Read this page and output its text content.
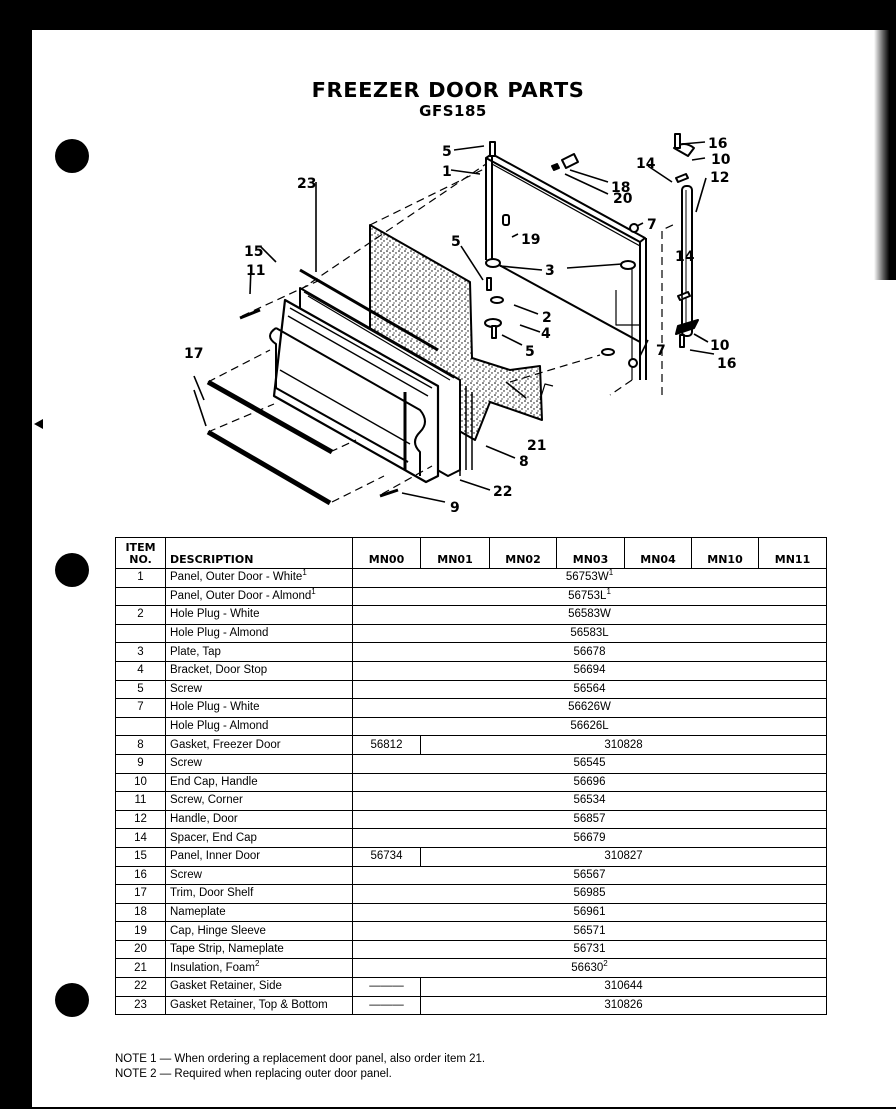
FREEZER DOOR PARTS
GFS185
5
1
18
20
14
16
10
12
7
19
3
5
2
4
5
14
7	10
16
21
8
22
9
23
15
11
17
ITEM
NO.	DESCRIPTION	MN00	MN01	MN02	MN03	MN04	MN10	MN11
1	Panel, Outer Door - White$^1$	$56753W^1$
	Panel, Outer Door - Almond$^1$	$56753L^1$
2	Hole Plug - White	56583W						
	Hole Plug - Almond	56583L						
3	Plate, Tap	56678						
4	Bracket, Door Stop	56694						
5	Screw	56564						
7	Hole Plug - White	56626W						
	Hole Plug - Almond	56626L						
8	Gasket, Freezer Door	56812	310828					
9	Screw	56545						
10	End Cap, Handle	56696						
11	Screw, Corner	56534						
12	Handle, Door	56857						
14	Spacer, End Cap	56679						
15	Panel, Inner Door	56734	310827					
16	Screw	56567						
17	Trim, Door Shelf	56985						
18	Nameplate	56961						
19	Cap, Hinge Sleeve	56571						
20	Tape Strip, Nameplate	56731						
21	Insulation, Foam$^2$	56630$^2$
22	Gasket Retainer, Side	———	310644					
23	Gasket Retainer, Top & Bottom	———	310826					
NOTE 1 — When ordering a replacement door panel, also order item 21.
NOTE 2 — Required when replacing outer door panel.
